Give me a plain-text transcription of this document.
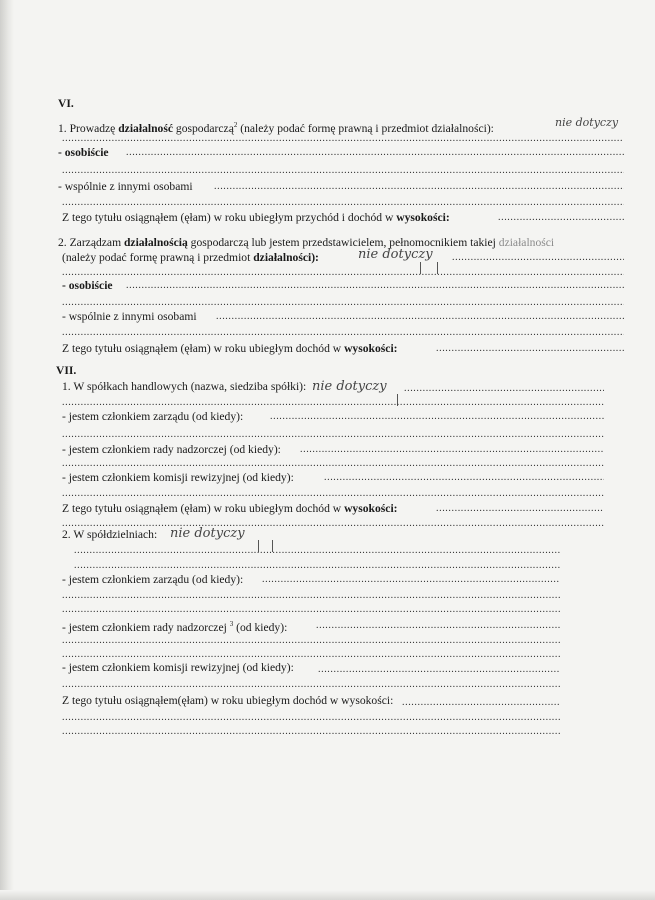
VI.
1. Prowadzę działalność gospodarczą$^2$ (należy podać formę prawną i przedmiot działalności):	nie dotyczy
.....
- osobiście
.....
.....
- wspólnie z innymi osobami
.....
.....
Z tego tytułu osiągnąłem (ęłam) w roku ubiegłym przychód i dochód w wysokości:
.....
2. Zarządzam działalnością gospodarczą lub jestem przedstawicielem, pełnomocnikiem takiej działalności
(należy podać formę prawną i przedmiot działalności):	nie dotyczy
.....
.....
- osobiście
.....
.....
- wspólnie z innymi osobami
.....
.....
Z tego tytułu osiągnąłem (ęłam) w roku ubiegłym dochód w wysokości:
.....
VII.
1. W spółkach handlowych (nazwa, siedziba spółki): nie dotyczy
.....
.....
- jestem członkiem zarządu (od kiedy):
.....
.....
- jestem członkiem rady nadzorczej (od kiedy):
.....
.....
- jestem członkiem komisji rewizyjnej (od kiedy):
.....
.....
Z tego tytułu osiągnąłem (ęłam) w roku ubiegłym dochód w wysokości:
.....
.....
2. W spółdzielniach: nie dotyczy
.....
.....
- jestem członkiem zarządu (od kiedy):
.....
.....
.....
- jestem członkiem rady nadzorczej $^3$ (od kiedy):
.....
.....
.....
- jestem członkiem komisji rewizyjnej (od kiedy):
.....
.....
Z tego tytułu osiągnąłem(ęłam) w roku ubiegłym dochód w wysokości:
.....
.....
.....
